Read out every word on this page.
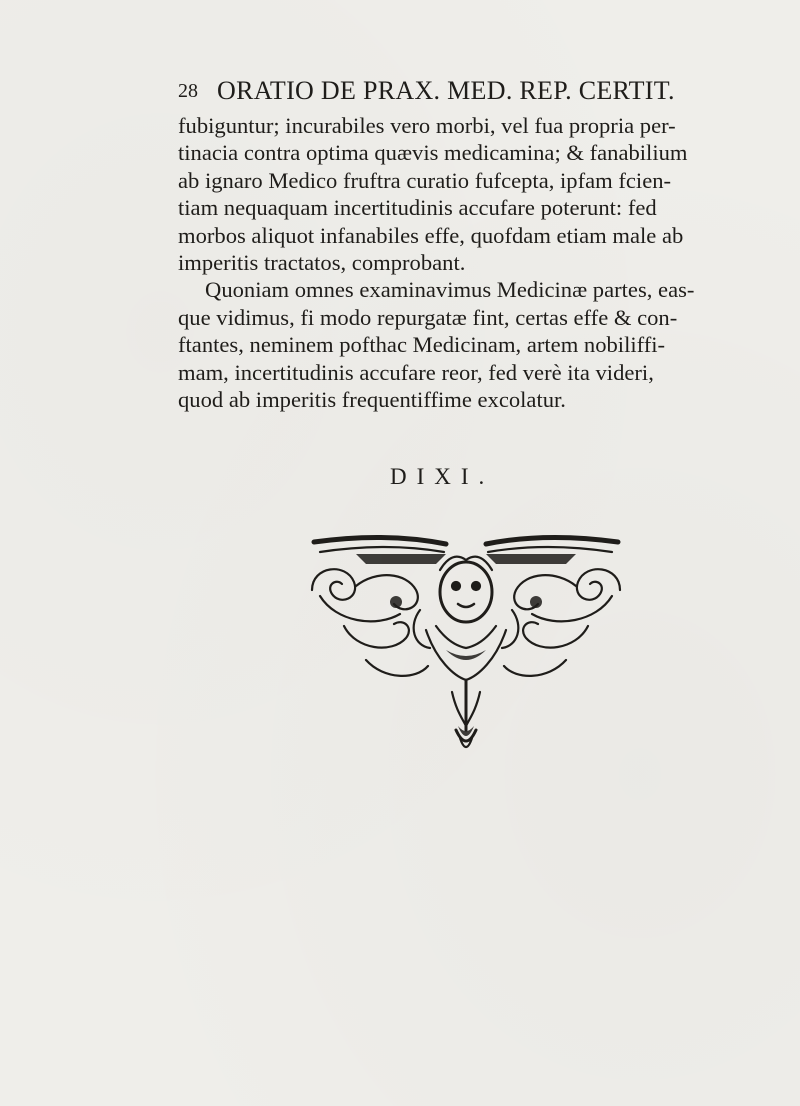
28 ORATIO DE PRAX. MED. REP. CERTIT.
fubiguntur; incurabiles vero morbi, vel fua propria per-
tinacia contra optima quævis medicamina; & fanabilium
ab ignaro Medico fruftra curatio fufcepta, ipfam fcien-
tiam nequaquam incertitudinis accufare poterunt: fed
morbos aliquot infanabiles effe, quofdam etiam male ab
imperitis tractatos, comprobant.
Quoniam omnes examinavimus Medicinæ partes, eas-
que vidimus, fi modo repurgatæ fint, certas effe & con-
ftantes, neminem pofthac Medicinam, artem nobiliffi-
mam, incertitudinis accufare reor, fed verè ita videri,
quod ab imperitis frequentiffime excolatur.
DIXI.
